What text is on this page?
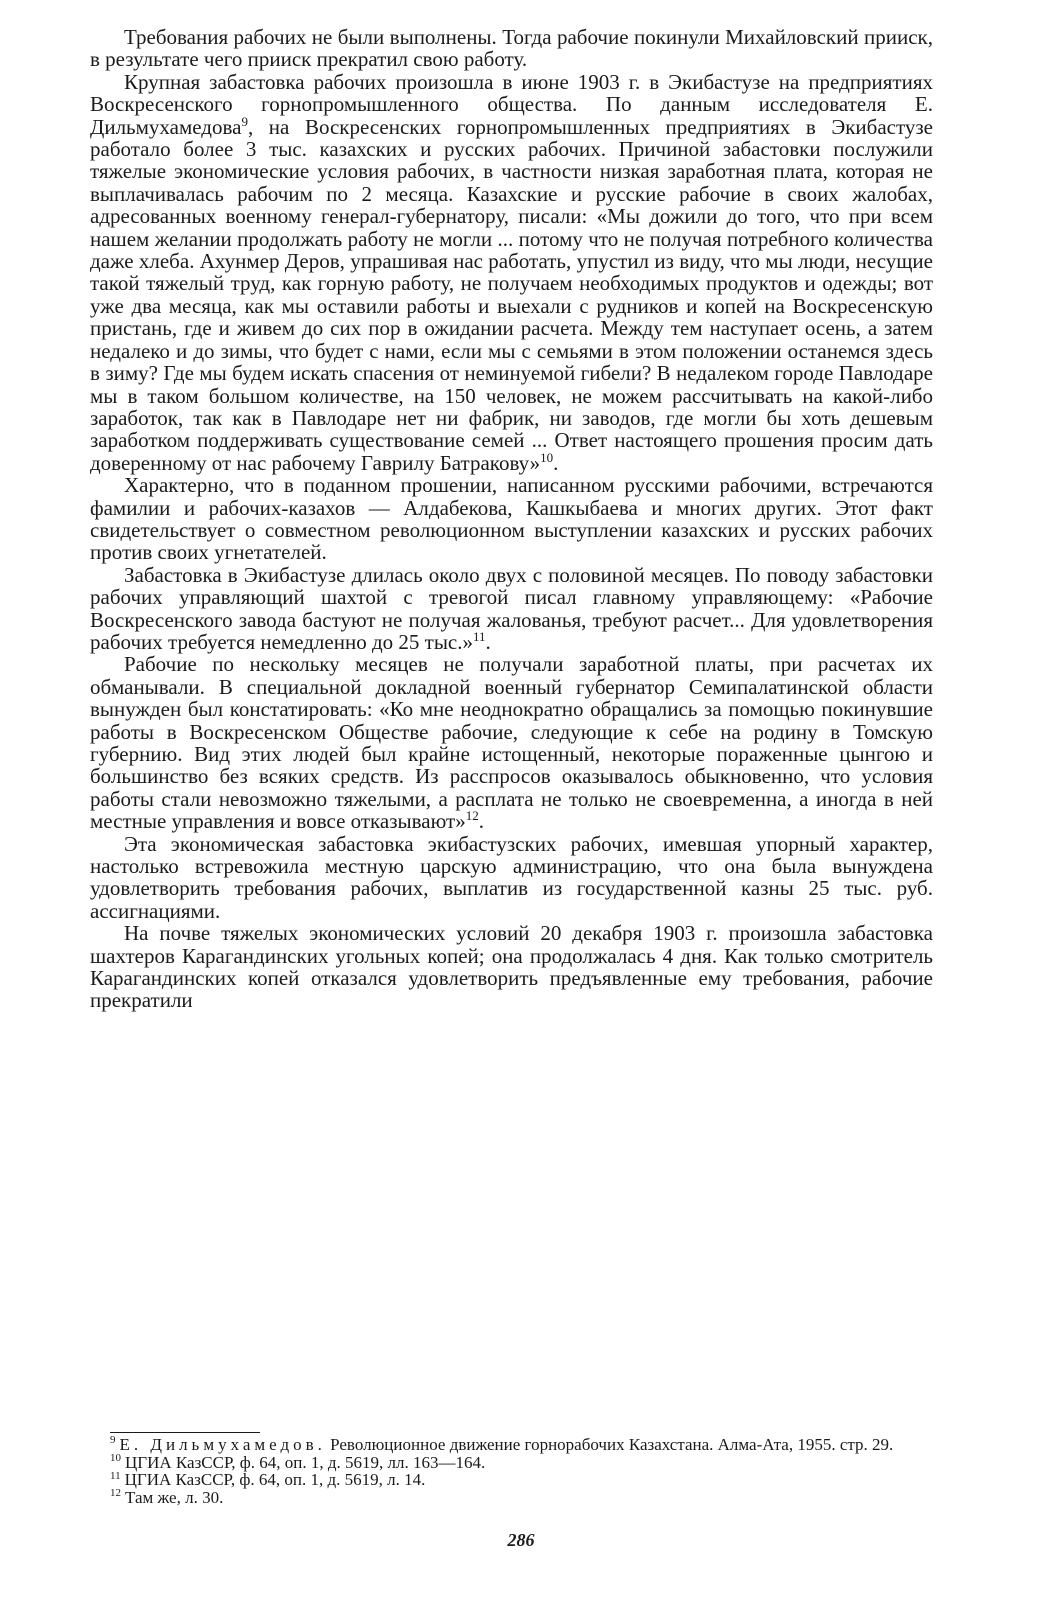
Требования рабочих не были выполнены. Тогда рабочие покинули Михайловский прииск, в результате чего прииск прекратил свою работу.

Крупная забастовка рабочих произошла в июне 1903 г. в Экибастузе на предприятиях Воскресенского горнопромышленного общества. По данным исследователя Е. Дильмухамедова$^9$, на Воскресенских горнопромышленных предприятиях в Экибастузе работало более 3 тыс. казахских и русских рабочих. Причиной забастовки послужили тяжелые экономические условия рабочих, в частности низкая заработная плата, которая не выплачивалась рабочим по 2 месяца. Казахские и русские рабочие в своих жалобах, адресованных военному генерал-губернатору, писали: «Мы дожили до того, что при всем нашем желании продолжать работу не могли ... потому что не получая потребного количества даже хлеба. Ахунмер Деров, упрашивая нас работать, упустил из виду, что мы люди, несущие такой тяжелый труд, как горную работу, не получаем необходимых продуктов и одежды; вот уже два месяца, как мы оставили работы и выехали с рудников и копей на Воскресенскую пристань, где и живем до сих пор в ожидании расчета. Между тем наступает осень, а затем недалеко и до зимы, что будет с нами, если мы с семьями в этом положении останемся здесь в зиму? Где мы будем искать спасения от неминуемой гибели? В недалеком городе Павлодаре мы в таком большом количестве, на 150 человек, не можем рассчитывать на какой-либо заработок, так как в Павлодаре нет ни фабрик, ни заводов, где могли бы хоть дешевым заработком поддерживать существование семей ... Ответ настоящего прошения просим дать доверенному от нас рабочему Гаврилу Батракову»$^{10}$.

Характерно, что в поданном прошении, написанном русскими рабочими, встречаются фамилии и рабочих-казахов — Алдабекова, Кашкыбаева и многих других. Этот факт свидетельствует о совместном революционном выступлении казахских и русских рабочих против своих угнетателей.

Забастовка в Экибастузе длилась около двух с половиной месяцев. По поводу забастовки рабочих управляющий шахтой с тревогой писал главному управляющему: «Рабочие Воскресенского завода бастуют не получая жалованья, требуют расчет... Для удовлетворения рабочих требуется немедленно до 25 тыс.»$^{11}$.

Рабочие по нескольку месяцев не получали заработной платы, при расчетах их обманывали. В специальной докладной военный губернатор Семипалатинской области вынужден был констатировать: «Ко мне неоднократно обращались за помощью покинувшие работы в Воскресенском Обществе рабочие, следующие к себе на родину в Томскую губернию. Вид этих людей был крайне истощенный, некоторые пораженные цынгою и большинство без всяких средств. Из расспросов оказывалось обыкновенно, что условия работы стали невозможно тяжелыми, а расплата не только не своевременна, а иногда в ней местные управления и вовсе отказывают»$^{12}$.

Эта экономическая забастовка экибастузских рабочих, имевшая упорный характер, настолько встревожила местную царскую администрацию, что она была вынуждена удовлетворить требования рабочих, выплатив из государственной казны 25 тыс. руб. ассигнациями.

На почве тяжелых экономических условий 20 декабря 1903 г. произошла забастовка шахтеров Карагандинских угольных копей; она продолжалась 4 дня. Как только смотритель Карагандинских копей отказался удовлетворить предъявленные ему требования, рабочие прекратили

$^9$ Е. Дильмухамедов. Революционное движение горнорабочих Казахстана. Алма-Ата, 1955. стр. 29.

$^{10}$ ЦГИА КазССР, ф. 64, оп. 1, д. 5619, лл. 163—164.

$^{11}$ ЦГИА КазССР, ф. 64, оп. 1, д. 5619, л. 14.

$^{12}$ Там же, л. 30.

286
